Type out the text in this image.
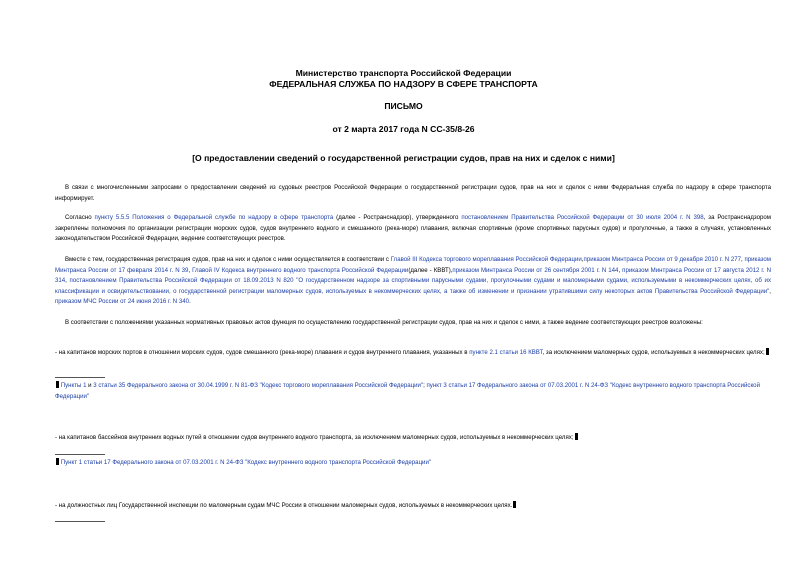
Министерство транспорта Российской Федерации
ФЕДЕРАЛЬНАЯ СЛУЖБА ПО НАДЗОРУ В СФЕРЕ ТРАНСПОРТА
ПИСЬМО
от 2 марта 2017 года N СС-35/8-26
[О предоставлении сведений о государственной регистрации судов, прав на них и сделок с ними]
В связи с многочисленными запросами о предоставлении сведений из судовых реестров Российской Федерации о государственной регистрации судов, прав на них и сделок с ними Федеральная служба по надзору в сфере транспорта информирует.
Согласно пункту 5.5.5 Положения о Федеральной службе по надзору в сфере транспорта (далее - Ространснадзор), утвержденного постановлением Правительства Российской Федерации от 30 июля 2004 г. N 398, за Ространснадзором закреплены полномочия по организации регистрации морских судов, судов внутреннего водного и смешанного (река-море) плавания, включая спортивные (кроме спортивных парусных судов) и прогулочные, а также в случаях, установленных законодательством Российской Федерации, ведение соответствующих реестров.
Вместе с тем, государственная регистрация судов, прав на них и сделок с ними осуществляется в соответствии с Главой III Кодекса торгового мореплавания Российской Федерации,приказом Минтранса России от 9 декабря 2010 г. N 277, приказом Минтранса России от 17 февраля 2014 г. N 39, Главой IV Кодекса внутреннего водного транспорта Российской Федерации(далее - КВВТ),приказом Минтранса России от 26 сентября 2001 г. N 144, приказом Минтранса России от 17 августа 2012 г. N 314, постановлением Правительства Российской Федерации от 18.09.2013 N 820 "О государственном надзоре за спортивными парусными судами, прогулочными судами и маломерными судами, используемыми в некоммерческих целях, об их классификации и освидетельствовании, о государственной регистрации маломерных судов, используемых в некоммерческих целях, а также об изменении и признании утратившими силу некоторых актов Правительства Российской Федерации", приказом МЧС России от 24 июня 2016 г. N 340.
В соответствии с положениями указанных нормативных правовых актов функция по осуществлению государственной регистрации судов, прав на них и сделок с ними, а также ведение соответствующих реестров возложены:
- на капитанов морских портов в отношении морских судов, судов смешанного (река-море) плавания и судов внутреннего плавания, указанных в пункте 2.1 статьи 16 КВВТ, за исключением маломерных судов, используемых в некоммерческих целях;
Пункты 1 и 3 статьи 35 Федерального закона от 30.04.1999 г. N 81-ФЗ "Кодекс торгового мореплавания Российской Федерации"; пункт 3 статьи 17 Федерального закона от 07.03.2001 г. N 24-ФЗ "Кодекс внутреннего водного транспорта Российской Федерации"
- на капитанов бассейнов внутренних водных путей в отношении судов внутреннего водного транспорта, за исключением маломерных судов, используемых в некоммерческих целях;
Пункт 1 статьи 17 Федерального закона от 07.03.2001 г. N 24-ФЗ "Кодекс внутреннего водного транспорта Российской Федерации"
- на должностных лиц Государственной инспекции по маломерным судам МЧС России в отношении маломерных судов, используемых в некоммерческих целях.
